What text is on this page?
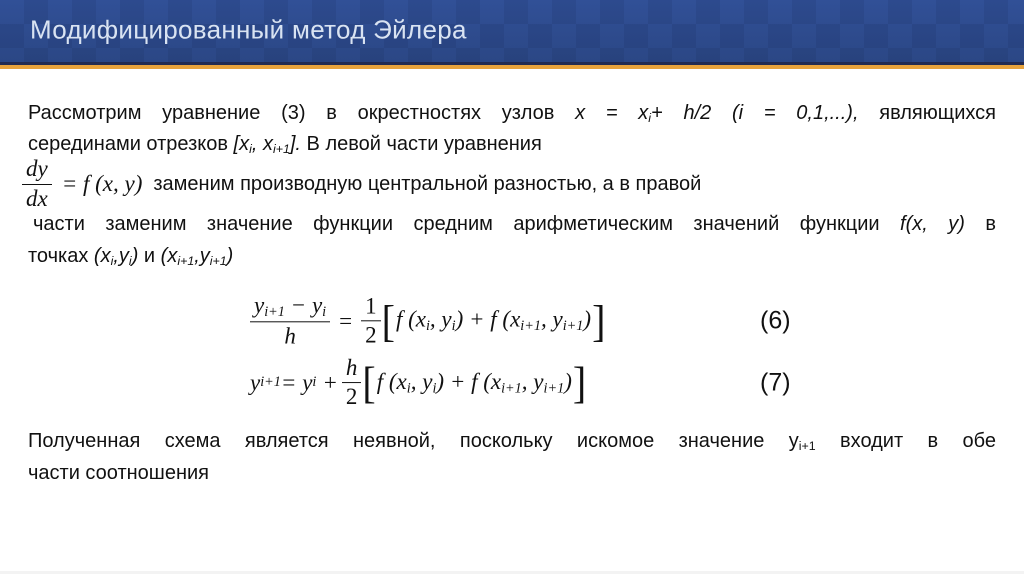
Модифицированный метод Эйлера
Рассмотрим уравнение (3) в окрестностях узлов x = xi+ h/2 (i = 0,1,...), являющихся
серединами отрезков [xi, xi+1]. В левой части уравнения
$\frac{dy}{dx} = f$ (x, y) заменим производную центральной разностью, а в правой
части заменим значение функции средним арифметическим значений функции f(x, y) в
точках (xi,yi) и (xi+1,yi+1)
$\frac{yi+1 - yi}{h} = \frac{1}{2}$ [ f (xi, yi) + f (xi+1, yi+1) ]	(6)
y i+1 = y $i + \frac{h}{2}$ [ f (xi, yi) + f (xi+1, yi+1) ]	(7)
Полученная схема является неявной, поскольку искомое значение yi+1 входит в обе
части соотношения
